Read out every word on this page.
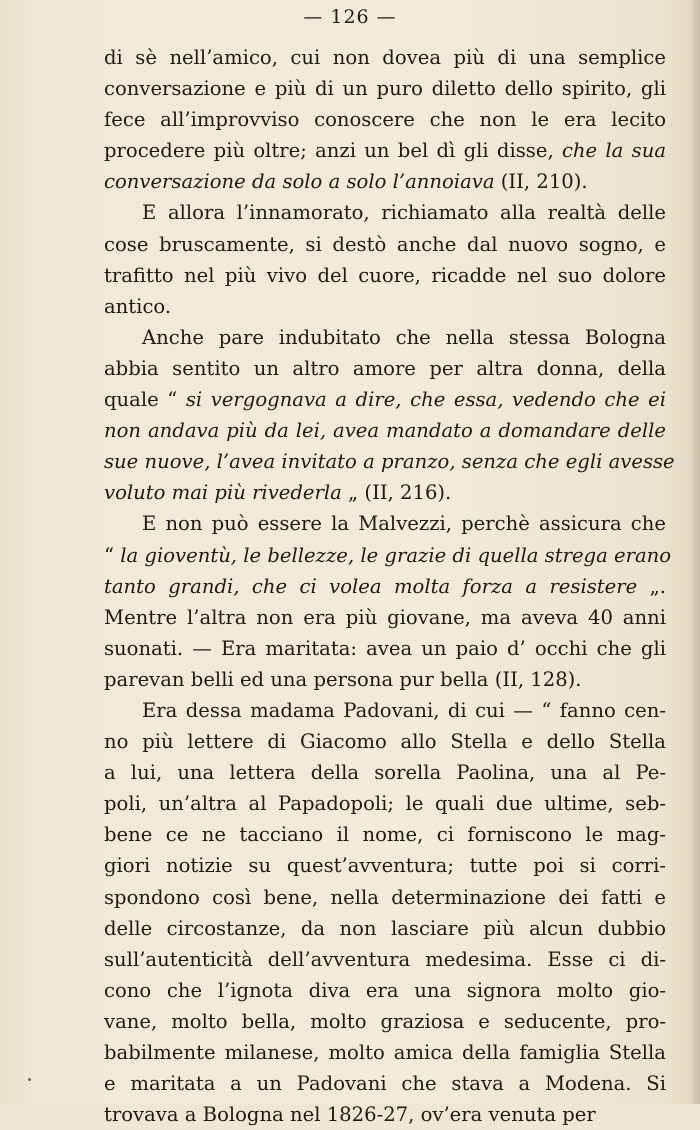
— 126 —
di sè nell’amico, cui non dovea più di una semplice
conversazione e più di un puro diletto dello spirito, gli
fece all’improvviso conoscere che non le era lecito
procedere più oltre; anzi un bel dì gli disse, che la sua
conversazione da solo a solo l’annoiava (II, 210).
E allora l’innamorato, richiamato alla realtà delle
cose bruscamente, si destò anche dal nuovo sogno, e
trafitto nel più vivo del cuore, ricadde nel suo dolore
antico.
Anche pare indubitato che nella stessa Bologna
abbia sentito un altro amore per altra donna, della
quale “ si vergognava a dire, che essa, vedendo che ei
non andava più da lei, avea mandato a domandare delle
sue nuove, l’avea invitato a pranzo, senza che egli avesse
voluto mai più rivederla „ (II, 216).
E non può essere la Malvezzi, perchè assicura che
“ la gioventù, le bellezze, le grazie di quella strega erano
tanto grandi, che ci volea molta forza a resistere „.
Mentre l’altra non era più giovane, ma aveva 40 anni
suonati. — Era maritata: avea un paio d’ occhi che gli
parevan belli ed una persona pur bella (II, 128).
Era dessa madama Padovani, di cui — “ fanno cen-
no più lettere di Giacomo allo Stella e dello Stella
a lui, una lettera della sorella Paolina, una al Pe-
poli, un’altra al Papadopoli; le quali due ultime, seb-
bene ce ne tacciano il nome, ci forniscono le mag-
giori notizie su quest’avventura; tutte poi si corri-
spondono così bene, nella determinazione dei fatti e
delle circostanze, da non lasciare più alcun dubbio
sull’autenticità dell’avventura medesima. Esse ci di-
cono che l’ignota diva era una signora molto gio-
vane, molto bella, molto graziosa e seducente, pro-
babilmente milanese, molto amica della famiglia Stella
e maritata a un Padovani che stava a Modena. Si
trovava a Bologna nel 1826-27, ov’era venuta per
